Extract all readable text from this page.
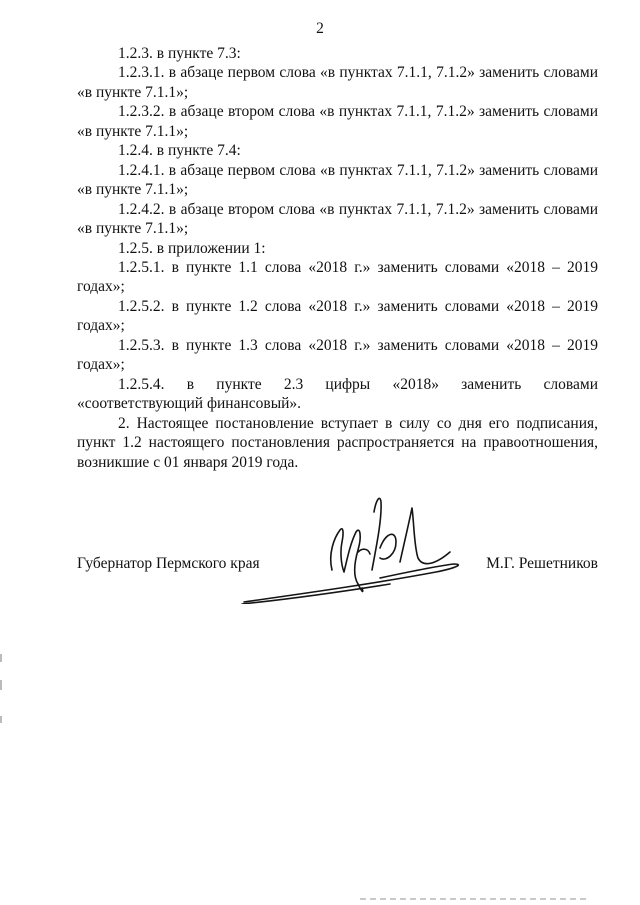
2

1.2.3. в пункте 7.3:

1.2.3.1. в абзаце первом слова «в пунктах 7.1.1, 7.1.2» заменить словами «в пункте 7.1.1»;

1.2.3.2. в абзаце втором слова «в пунктах 7.1.1, 7.1.2» заменить словами «в пункте 7.1.1»;

1.2.4. в пункте 7.4:

1.2.4.1. в абзаце первом слова «в пунктах 7.1.1, 7.1.2» заменить словами «в пункте 7.1.1»;

1.2.4.2. в абзаце втором слова «в пунктах 7.1.1, 7.1.2» заменить словами «в пункте 7.1.1»;

1.2.5. в приложении 1:

1.2.5.1. в пункте 1.1 слова «2018 г.» заменить словами «2018 – 2019 годах»;

1.2.5.2. в пункте 1.2 слова «2018 г.» заменить словами «2018 – 2019 годах»;

1.2.5.3. в пункте 1.3 слова «2018 г.» заменить словами «2018 – 2019 годах»;

1.2.5.4. в пункте 2.3 цифры «2018» заменить словами «соответствующий финансовый».

2. Настоящее постановление вступает в силу со дня его подписания, пункт 1.2 настоящего постановления распространяется на правоотношения, возникшие с 01 января 2019 года.

Губернатор Пермского края	М.Г. Решетников
